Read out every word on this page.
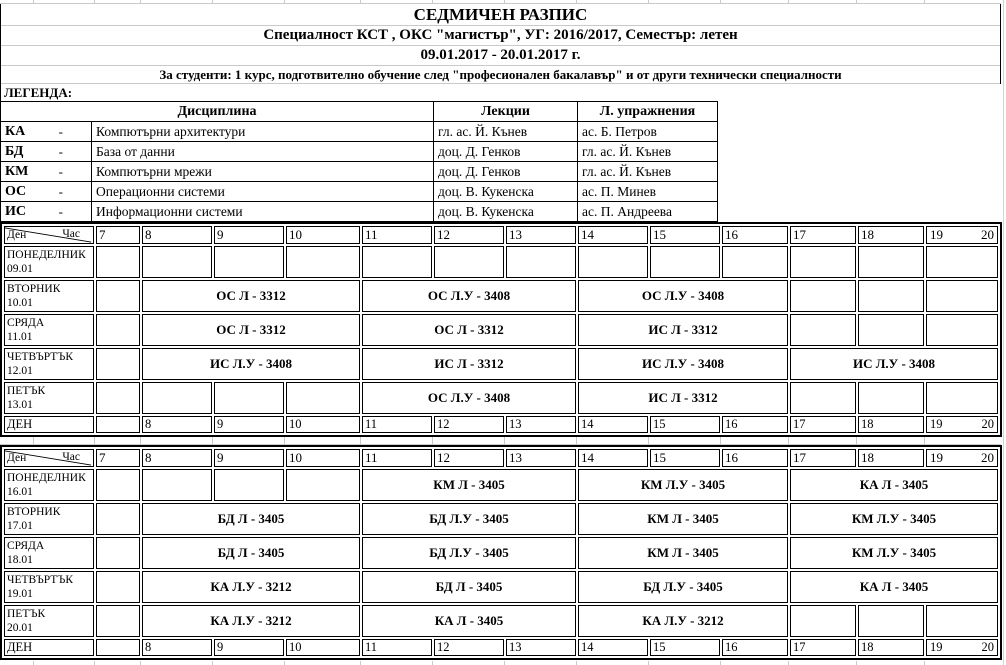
СЕДМИЧЕН РАЗПИС
Специалност КСТ , ОКС "магистър", УГ: 2016/2017, Семестър: летен
09.01.2017 - 20.01.2017 г.
За студенти: 1 курс, подготвително обучение след "професионален бакалавър" и от други технически специалности
ЛЕГЕНДА:
Дисциплина			Лекции	Л. упражнения
КА	-	Компютърни архитектури	гл. ас. Й. Кънев	ас. Б. Петров
БД	-	База от данни	доц. Д. Генков	гл. ас. Й. Кънев
КМ	-	Компютърни мрежи	доц. Д. Генков	гл. ас. Й. Кънев
ОС	-	Операционни системи	доц. В. Кукенска	ас. П. Минев
ИС	-	Информационни системи	доц. В. Кукенска	ас. П. Андреева
Ден Час	7	8	9	10	11	12	13	14	15	16	17	18	19 20

ПОНЕДЕЛНИК
09.01													

ВТОРНИК
10.01		ОС Л - 3312			ОС Л.У - 3408			ОС Л.У - 3408					

СРЯДА
11.01		ОС Л - 3312			ОС Л - 3312			ИС Л - 3312					

ЧЕТВЪРТЪК
12.01		ИС Л.У - 3408			ИС Л - 3312			ИС Л.У - 3408			ИС Л.У - 3408		

ПЕТЪК
13.01					ОС Л.У - 3408			ИС Л - 3312					
ДЕН		8	9	10	11	12	13	14	15	16	17	18	19 20
Ден Час	7	8	9	10	11	12	13	14	15	16	17	18	19 20

ПОНЕДЕЛНИК
16.01					КМ Л - 3405			КМ Л.У - 3405			КА Л - 3405		

ВТОРНИК
17.01		БД Л - 3405			БД Л.У - 3405			КМ Л - 3405			КМ Л.У - 3405		

СРЯДА
18.01		БД Л - 3405			БД Л.У - 3405			КМ Л - 3405			КМ Л.У - 3405		

ЧЕТВЪРТЪК
19.01		КА Л.У - 3212			БД Л - 3405			БД Л.У - 3405			КА Л - 3405		

ПЕТЪК
20.01		КА Л.У - 3212			КА Л - 3405			КА Л.У - 3212					
ДЕН		8	9	10	11	12	13	14	15	16	17	18	19 20
